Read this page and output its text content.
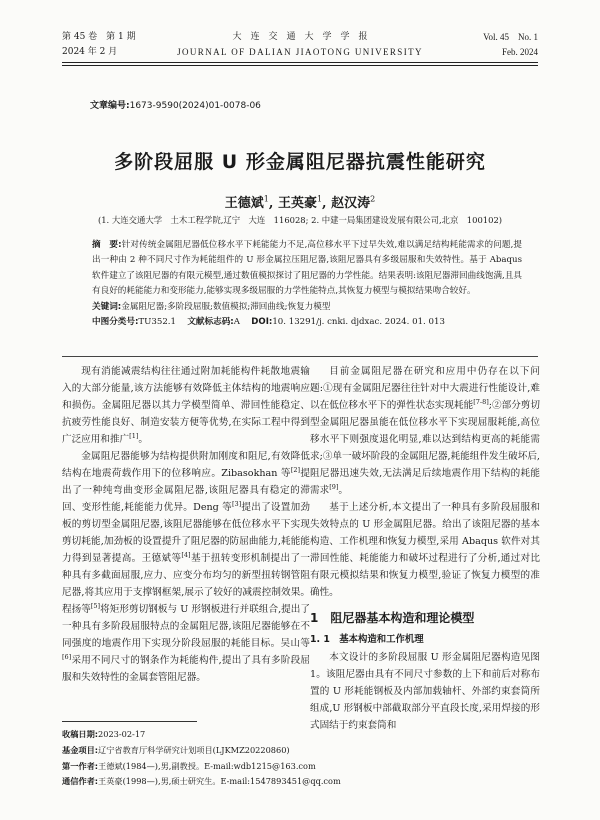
第 45 卷　第 1 期
2024 年 2 月
大　连　交　通　大　学　学　报
JOURNAL OF DALIAN JIAOTONG UNIVERSITY
Vol. 45　No. 1
Feb. 2024
文章编号:1673-9590(2024)01-0078-06
多阶段屈服 U 形金属阻尼器抗震性能研究
王德斌$^1$, 王英豪$^1$, 赵汉涛$^2$
(1. 大连交通大学　土木工程学院,辽宁　大连　116028; 2. 中建一局集团建设发展有限公司,北京　100102)

摘　要:针对传统金属阻尼器低位移水平下耗能能力不足,高位移水平下过早失效,难以满足结构耗能需求的问题,提出一种由 2 种不同尺寸作为耗能组件的 U 形金属拉压阻尼器,该阻尼器具有多级屈服和失效特性。基于 Abaqus 软件建立了该阻尼器的有限元模型,通过数值模拟探讨了阻尼器的力学性能。结果表明:该阻尼器滞回曲线饱满,且具有良好的耗能能力和变形能力,能够实现多级屈服的力学性能特点,其恢复力模型与模拟结果吻合较好。

关键词:金属阻尼器;多阶段屈服;数值模拟;滞回曲线;恢复力模型

中图分类号:TU352.1　 文献标志码:A　 DOI:10. 13291/j. cnki. djdxac. 2024. 01. 013

现有消能减震结构往往通过附加耗能构件耗散地震输入的大部分能量,该方法能够有效降低主体结构的地震响应和损伤。金属阻尼器以其力学模型简单、滞回性能稳定、抗疲劳性能良好、制造安装方便等优势,在实际工程中得到广泛应用和推广[1]。

金属阻尼器能够为结构提供附加刚度和阻尼,有效降低结构在地震荷载作用下的位移响应。Zibasokhan 等[2]提出了一种纯弯曲变形金属阻尼器,该阻尼器具有稳定的滞回、变形性能,耗能能力优异。Deng 等[3]提出了设置加劲板的剪切型金属阻尼器,该阻尼器能够在低位移水平下实现剪切耗能,加劲板的设置提升了阻尼器的防屈曲能力,耗能能力得到显著提高。王德斌等[4]基于扭转变形机制提出了一种具有多截面屈服,应力、应变分布均匀的新型扭转钢管阻尼器,将其应用于支撑钢框架,展示了较好的减震控制效果。程扬等[5]将矩形剪切钢板与 U 形钢板进行并联组合,提出了一种具有多阶段屈服特点的金属阻尼器,该阻尼器能够在不同强度的地震作用下实现分阶段屈服的耗能目标。吴山等[6]采用不同尺寸的钢条作为耗能构件,提出了具有多阶段屈服和失效特性的金属套管阻尼器。

目前金属阻尼器在研究和应用中仍存在以下问题:①现有金属阻尼器往往针对中大震进行性能设计,难以在低位移水平下的弹性状态实现耗能[7-8];②部分剪切型金属阻尼器虽能在低位移水平下实现屈服耗能,高位移水平下则强度退化明显,难以达到结构更高的耗能需求;③单一破坏阶段的金属阻尼器,耗能组件发生破坏后,阻尼器迅速失效,无法满足后续地震作用下结构的耗能需求[9]。

基于上述分析,本文提出了一种具有多阶段屈服和失效特点的 U 形金属阻尼器。给出了该阻尼器的基本构造、工作机理和恢复力模型,采用 Abaqus 软件对其滞回性能、耗能能力和破坏过程进行了分析,通过对比有限元模拟结果和恢复力模型,验证了恢复力模型的准确性。

1　阻尼器基本构造和理论模型
1. 1　基本构造和工作机理

本文设计的多阶段屈服 U 形金属阻尼器构造见图 1。该阻尼器由具有不同尺寸参数的上下和前后对称布置的 U 形耗能钢板及内部加载轴杆、外部约束套筒所组成,U 形钢板中部截取部分平直段长度,采用焊接的形式固结于约束套筒和

收稿日期:2023-02-17

基金项目:辽宁省教育厅科学研究计划项目(LJKMZ20220860)

第一作者:王德斌(1984—),男,副教授。E-mail:wdb1215@163.com

通信作者:王英豪(1998—),男,硕士研究生。E-mail:1547893451@qq.com
